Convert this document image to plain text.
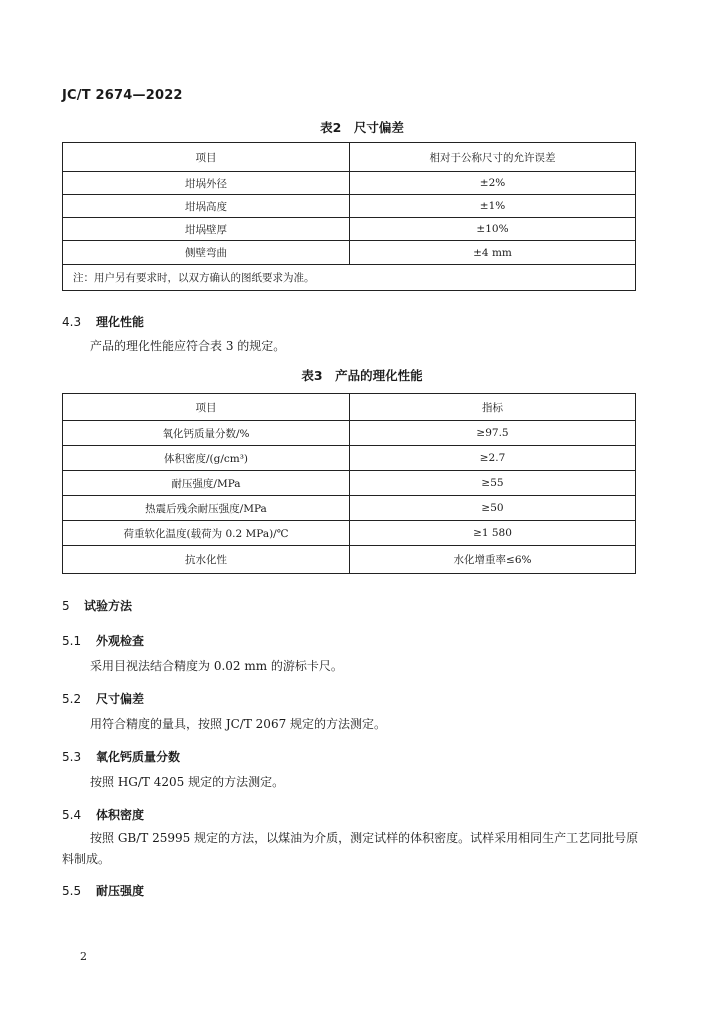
JC/T 2674—2022
表2　尺寸偏差
项目	相对于公称尺寸的允许误差
坩埚外径	±2%
坩埚高度	±1%
坩埚壁厚	±10%
侧壁弯曲	±4 mm
注：用户另有要求时，以双方确认的图纸要求为准。	
4.3 理化性能
产品的理化性能应符合表 3 的规定。
表3　产品的理化性能
项目	指标
氧化钙质量分数/%	≥97.5
体积密度/(g/cm³)	≥2.7
耐压强度/MPa	≥55
热震后残余耐压强度/MPa	≥50
荷重软化温度(载荷为 0.2 MPa)/℃	≥1 580
抗水化性	水化增重率≤6%
5 试验方法
5.1 外观检查
采用目视法结合精度为 0.02 mm 的游标卡尺。
5.2 尺寸偏差
用符合精度的量具，按照 JC/T 2067 规定的方法测定。
5.3 氧化钙质量分数
按照 HG/T 4205 规定的方法测定。
5.4 体积密度
按照 GB/T 25995 规定的方法，以煤油为介质，测定试样的体积密度。试样采用相同生产工艺同批号原料制成。
5.5 耐压强度
2
